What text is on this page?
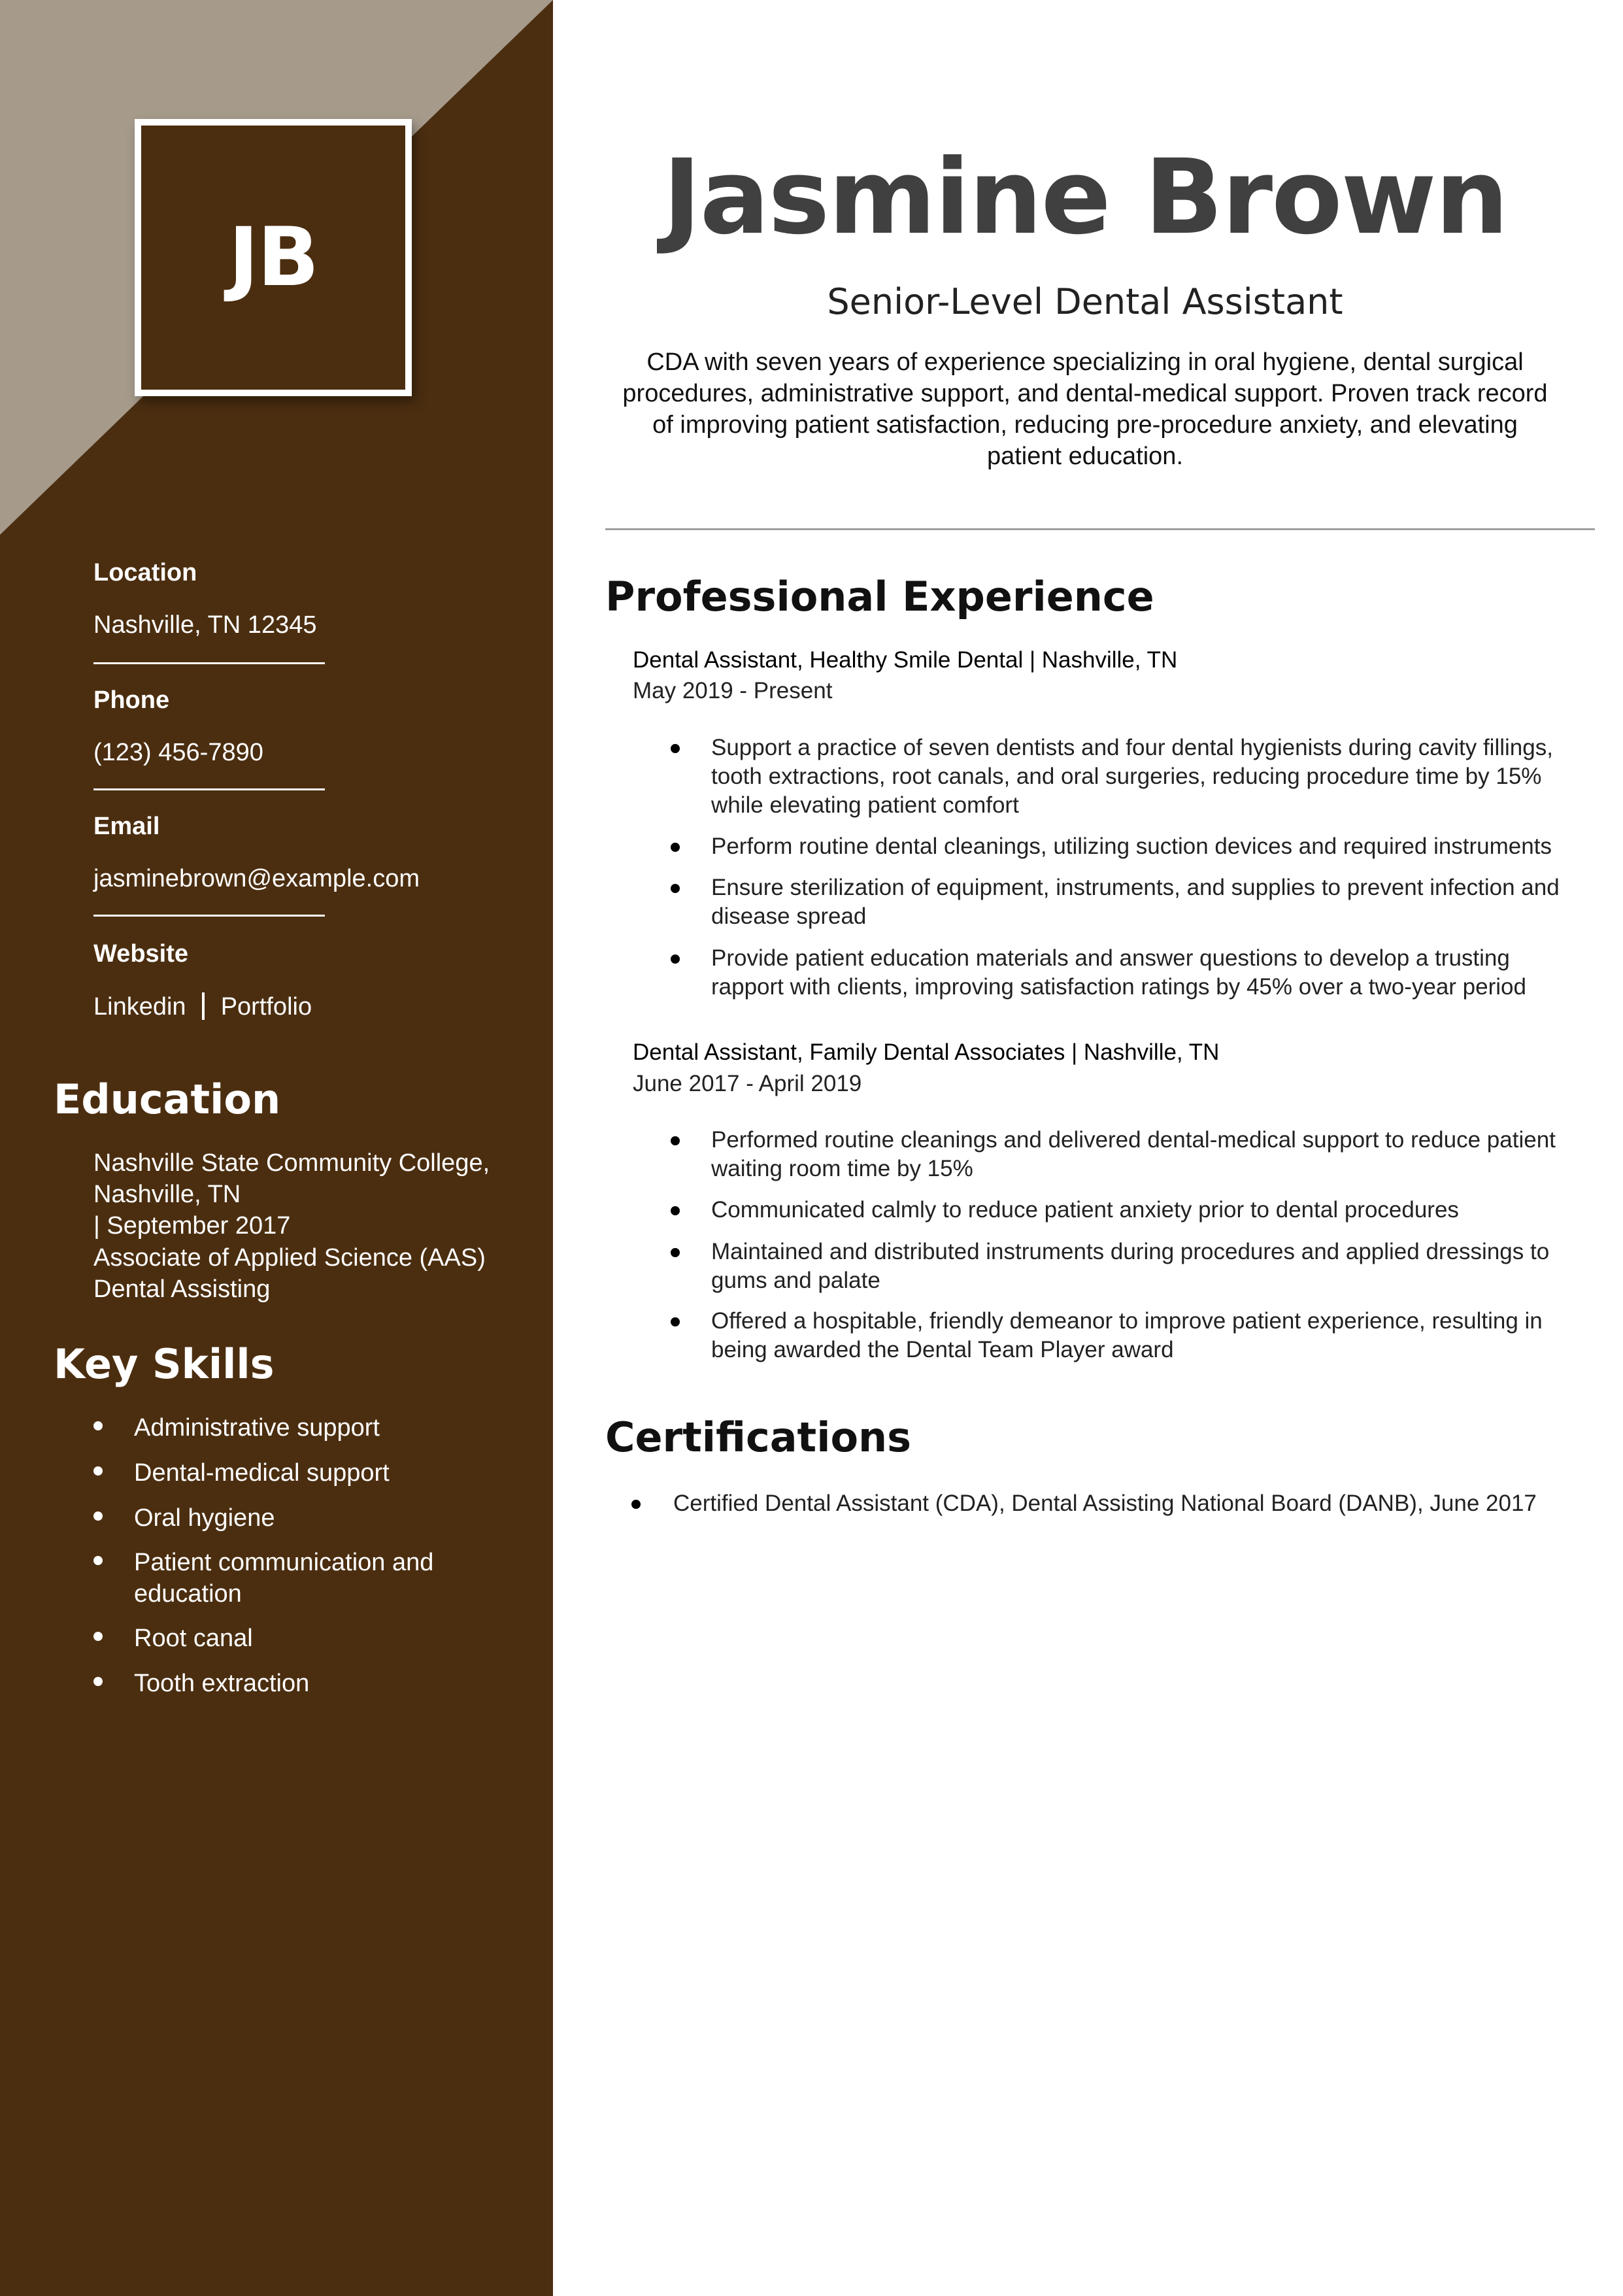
JB
Location
Nashville, TN 12345
Phone
(123) 456-7890
Email
jasminebrown@example.com
Website
Linkedin Portfolio
Education
Nashville State Community College,
Nashville, TN
| September 2017
Associate of Applied Science (AAS)
Dental Assisting
Key Skills
Administrative support
Dental-medical support
Oral hygiene
Patient communication and education
Root canal
Tooth extraction
Jasmine Brown
Senior-Level Dental Assistant
CDA with seven years of experience specializing in oral hygiene, dental surgical procedures, administrative support, and dental-medical support. Proven track record of improving patient satisfaction, reducing pre-procedure anxiety, and elevating patient education.
Professional Experience
Dental Assistant, Healthy Smile Dental | Nashville, TN
May 2019 - Present
Support a practice of seven dentists and four dental hygienists during cavity fillings, tooth extractions, root canals, and oral surgeries, reducing procedure time by 15% while elevating patient comfort
Perform routine dental cleanings, utilizing suction devices and required instruments
Ensure sterilization of equipment, instruments, and supplies to prevent infection and disease spread
Provide patient education materials and answer questions to develop a trusting rapport with clients, improving satisfaction ratings by 45% over a two-year period
Dental Assistant, Family Dental Associates | Nashville, TN
June 2017 - April 2019
Performed routine cleanings and delivered dental-medical support to reduce patient waiting room time by 15%
Communicated calmly to reduce patient anxiety prior to dental procedures
Maintained and distributed instruments during procedures and applied dressings to gums and palate
Offered a hospitable, friendly demeanor to improve patient experience, resulting in being awarded the Dental Team Player award
Certifications
Certified Dental Assistant (CDA), Dental Assisting National Board (DANB), June 2017
